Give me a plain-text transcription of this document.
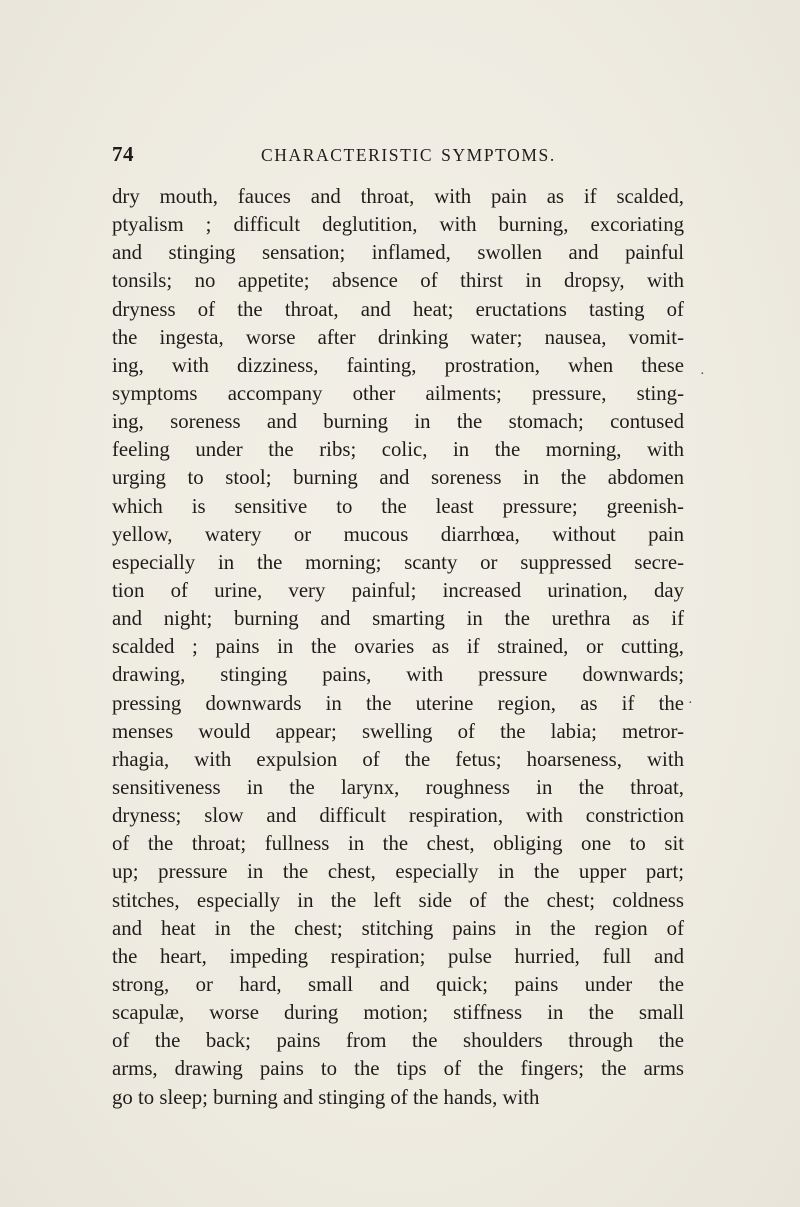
74	CHARACTERISTIC SYMPTOMS.
dry mouth, fauces and throat, with pain as if scalded,
ptyalism ; difficult deglutition, with burning, excoriating
and stinging sensation; inflamed, swollen and painful
tonsils; no appetite; absence of thirst in dropsy, with
dryness of the throat, and heat; eructations tasting of
the ingesta, worse after drinking water; nausea, vomit-
ing, with dizziness, fainting, prostration, when these
symptoms accompany other ailments; pressure, sting-
ing, soreness and burning in the stomach; contused
feeling under the ribs; colic, in the morning, with
urging to stool; burning and soreness in the abdomen
which is sensitive to the least pressure; greenish-
yellow, watery or mucous diarrhœa, without pain
especially in the morning; scanty or suppressed secre-
tion of urine, very painful; increased urination, day
and night; burning and smarting in the urethra as if
scalded ; pains in the ovaries as if strained, or cutting,
drawing, stinging pains, with pressure downwards;
pressing downwards in the uterine region, as if the
menses would appear; swelling of the labia; metror-
rhagia, with expulsion of the fetus; hoarseness, with
sensitiveness in the larynx, roughness in the throat,
dryness; slow and difficult respiration, with constriction
of the throat; fullness in the chest, obliging one to sit
up; pressure in the chest, especially in the upper part;
stitches, especially in the left side of the chest; coldness
and heat in the chest; stitching pains in the region of
the heart, impeding respiration; pulse hurried, full and
strong, or hard, small and quick; pains under the
scapulæ, worse during motion; stiffness in the small
of the back; pains from the shoulders through the
arms, drawing pains to the tips of the fingers; the arms
go to sleep; burning and stinging of the hands, with
·
·
